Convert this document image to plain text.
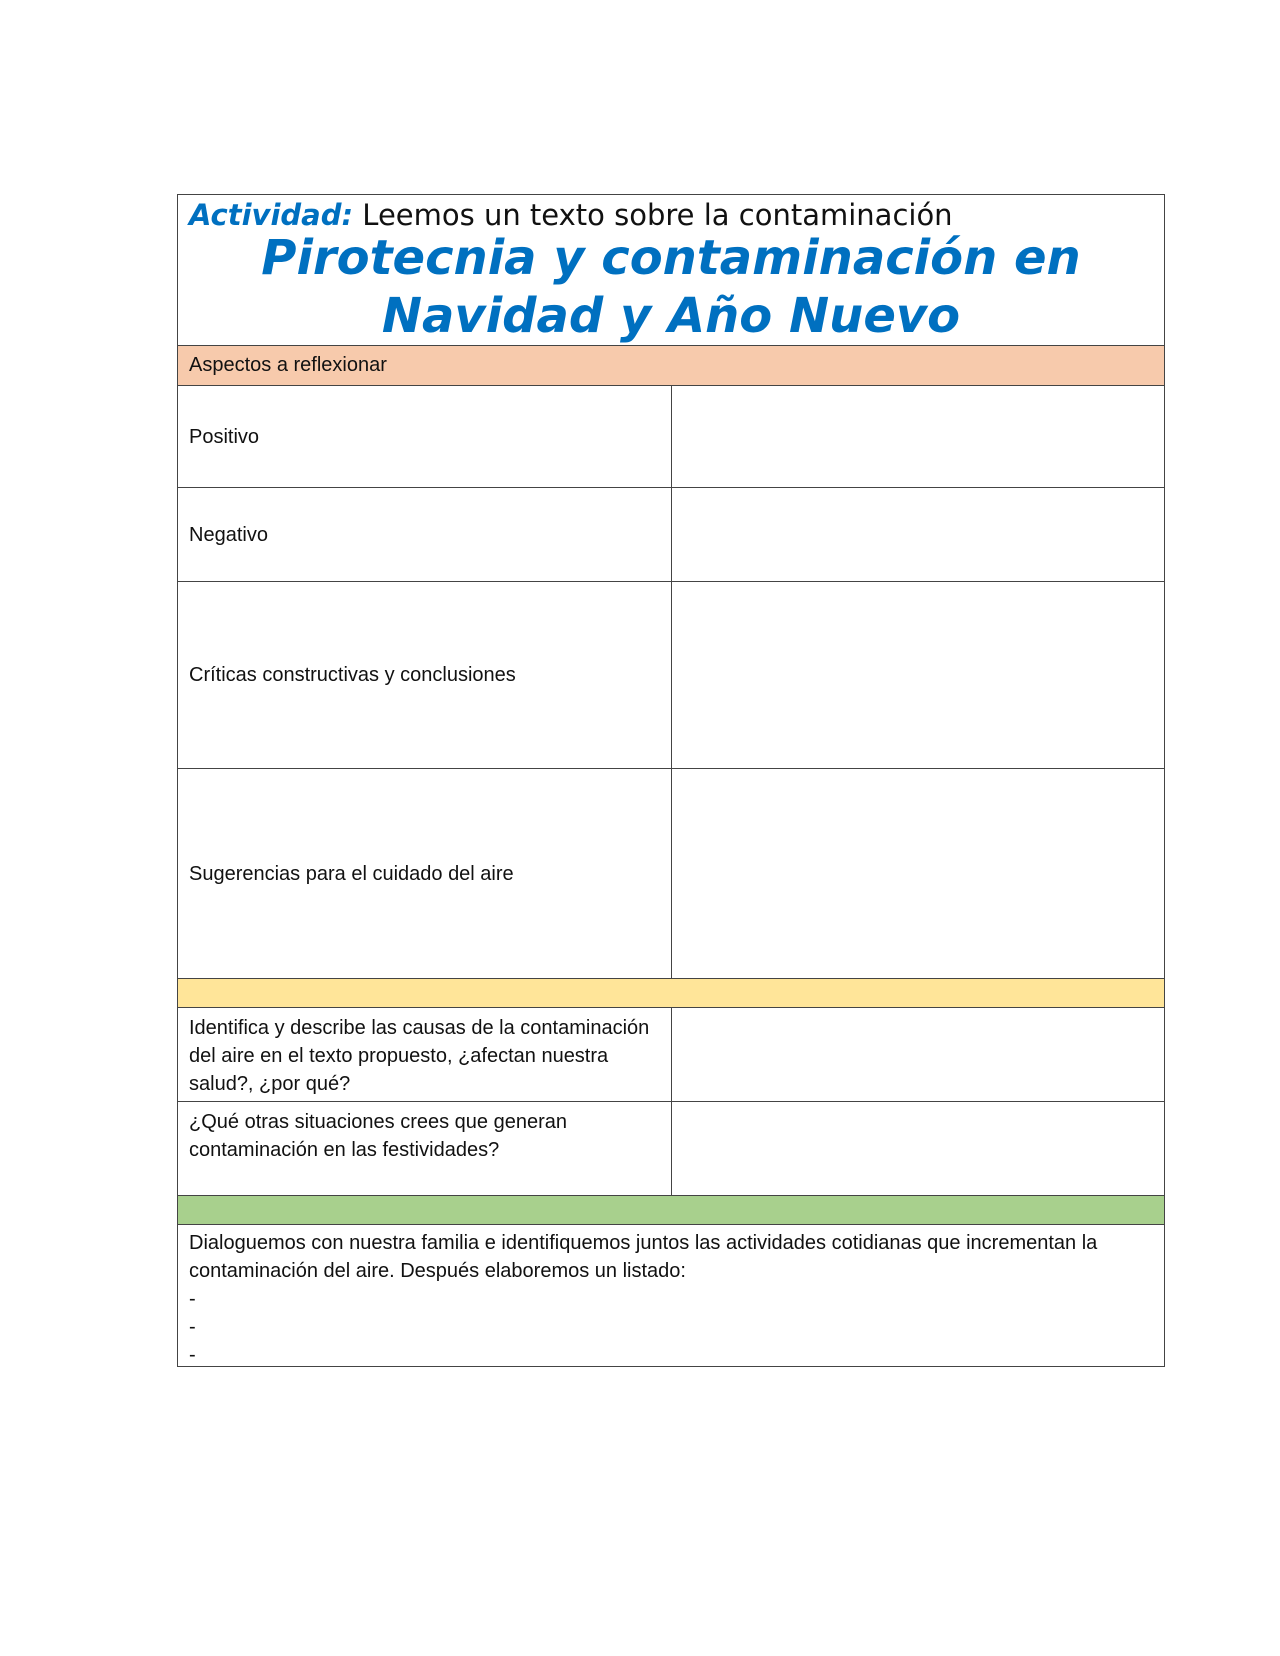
Actividad: Leemos un texto sobre la contaminación
Pirotecnia y contaminación en
Navidad y Año Nuevo
Aspectos a reflexionar
Positivo
Negativo
Críticas constructivas y conclusiones
Sugerencias para el cuidado del aire
Identifica y describe las causas de la contaminación del aire en el texto propuesto, ¿afectan nuestra salud?, ¿por qué?
¿Qué otras situaciones crees que generan contaminación en las festividades?
Dialoguemos con nuestra familia e identifiquemos juntos las actividades cotidianas que incrementan la contaminación del aire. Después elaboremos un listado:
-
-
-
